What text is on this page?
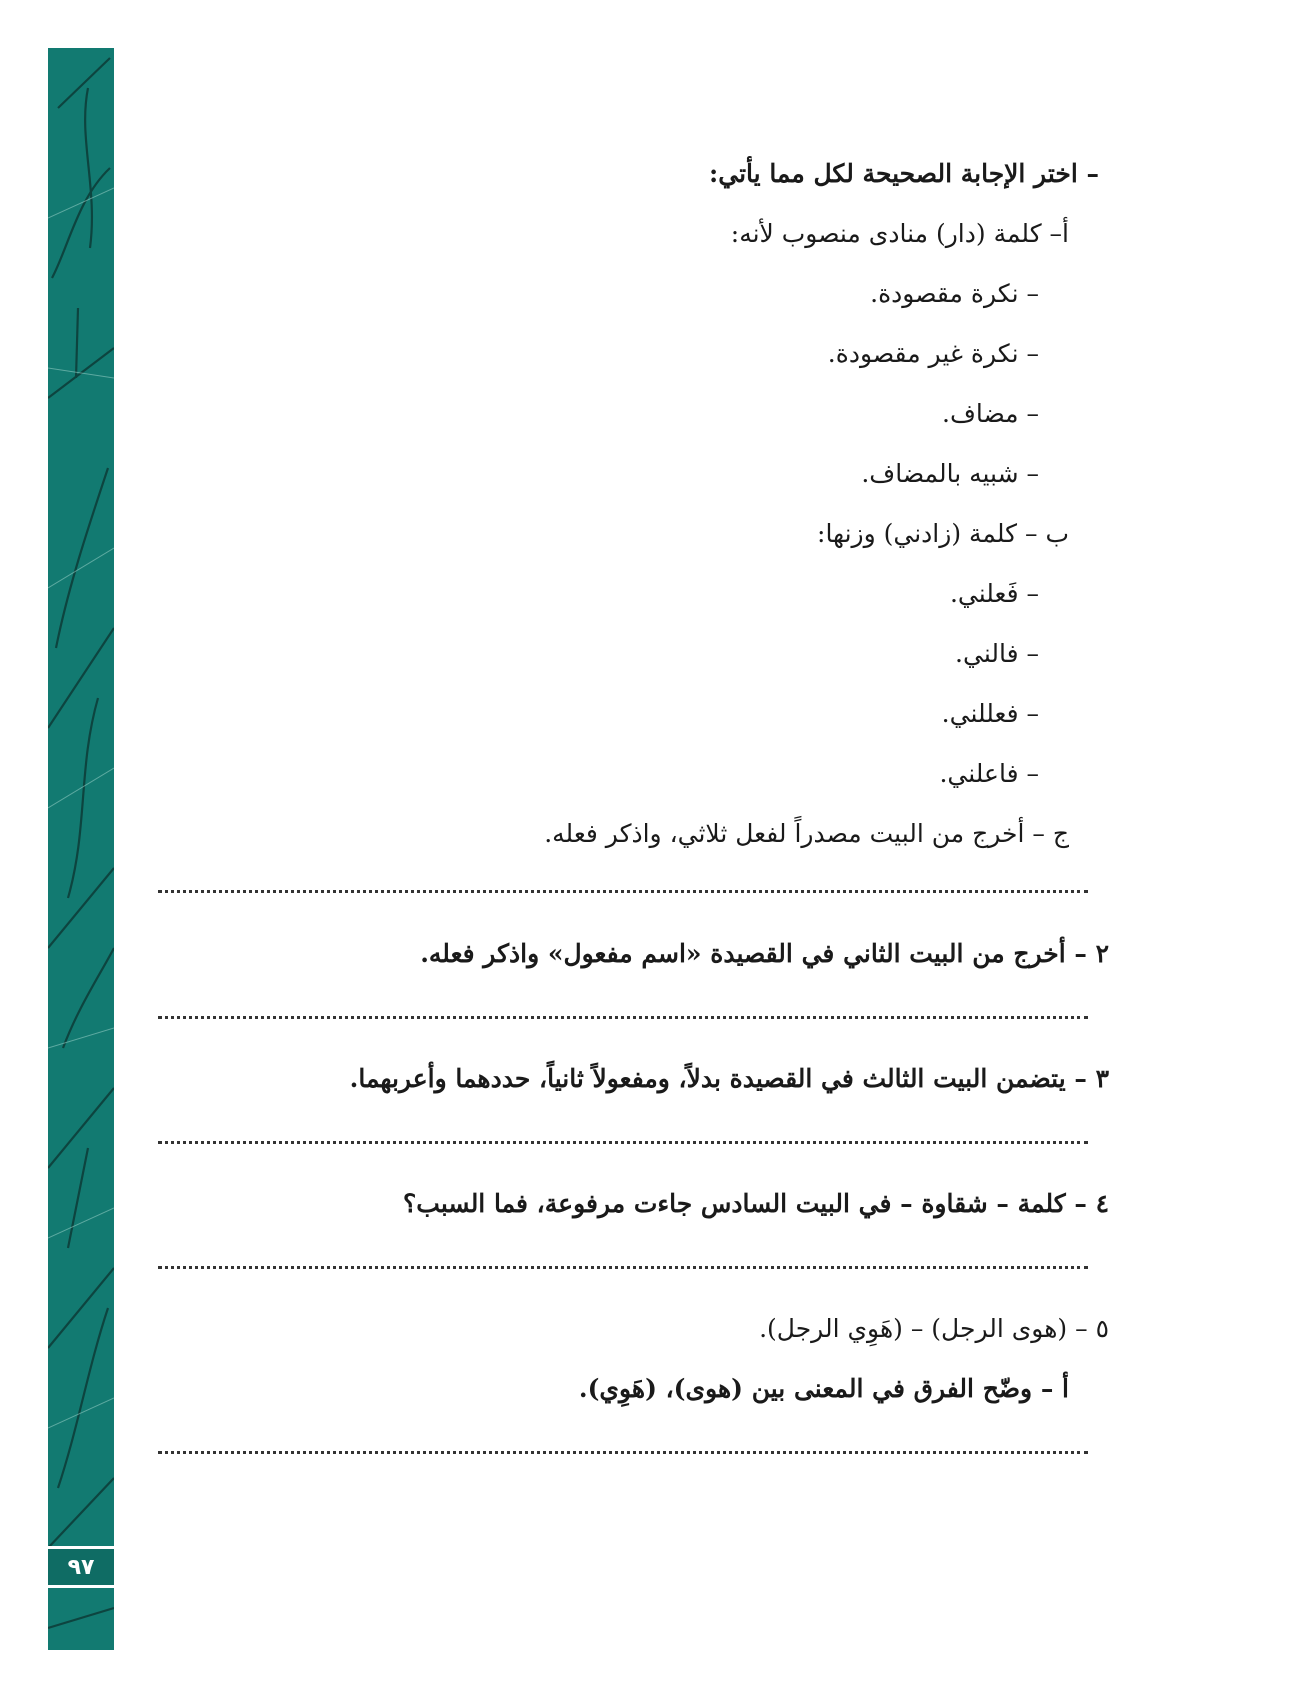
٩٧
– اختر الإجابة الصحيحة لكل مما يأتي:
أ– كلمة (دار) منادى منصوب لأنه:
– نكرة مقصودة.
– نكرة غير مقصودة.
– مضاف.
– شبيه بالمضاف.
ب – كلمة (زادني) وزنها:
– فَعلني.
– فالني.
– فعللني.
– فاعلني.
ج – أخرج من البيت مصدراً لفعل ثلاثي، واذكر فعله.
٢ – أخرج من البيت الثاني في القصيدة «اسم مفعول» واذكر فعله.
٣ – يتضمن البيت الثالث في القصيدة بدلاً، ومفعولاً ثانياً، حددهما وأعربهما.
٤ – كلمة – شقاوة – في البيت السادس جاءت مرفوعة، فما السبب؟
٥ – (هوى الرجل) – (هَوِي الرجل).
أ – وضّح الفرق في المعنى بين (هوى)، (هَوِي).
